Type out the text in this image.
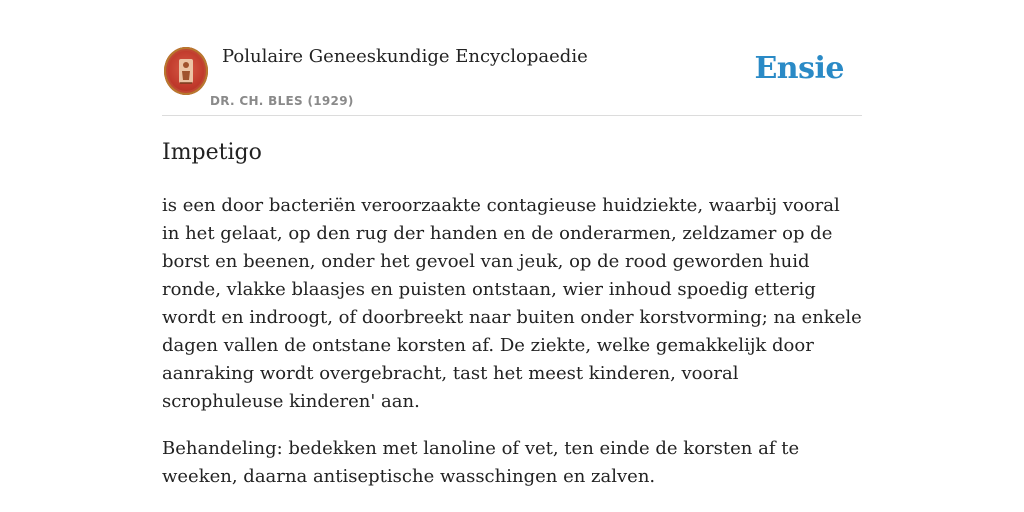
Polulaire Geneeskundige Encyclopaedie
DR. CH. BLES (1929)
Ensie
Impetigo

is een door bacteriën veroorzaakte contagieuse huidziekte, waarbij vooral in het gelaat, op den rug der handen en de onderarmen, zeldzamer op de borst en beenen, onder het gevoel van jeuk, op de rood geworden huid ronde, vlakke blaasjes en puisten ontstaan, wier inhoud spoedig etterig wordt en indroogt, of doorbreekt naar buiten onder korstvorming; na enkele dagen vallen de ontstane korsten af. De ziekte, welke gemakkelijk door aanraking wordt overgebracht, tast het meest kinderen, vooral scrophuleuse kinderen' aan.

Behandeling: bedekken met lanoline of vet, ten einde de korsten af te weeken, daarna antiseptische wasschingen en zalven.
